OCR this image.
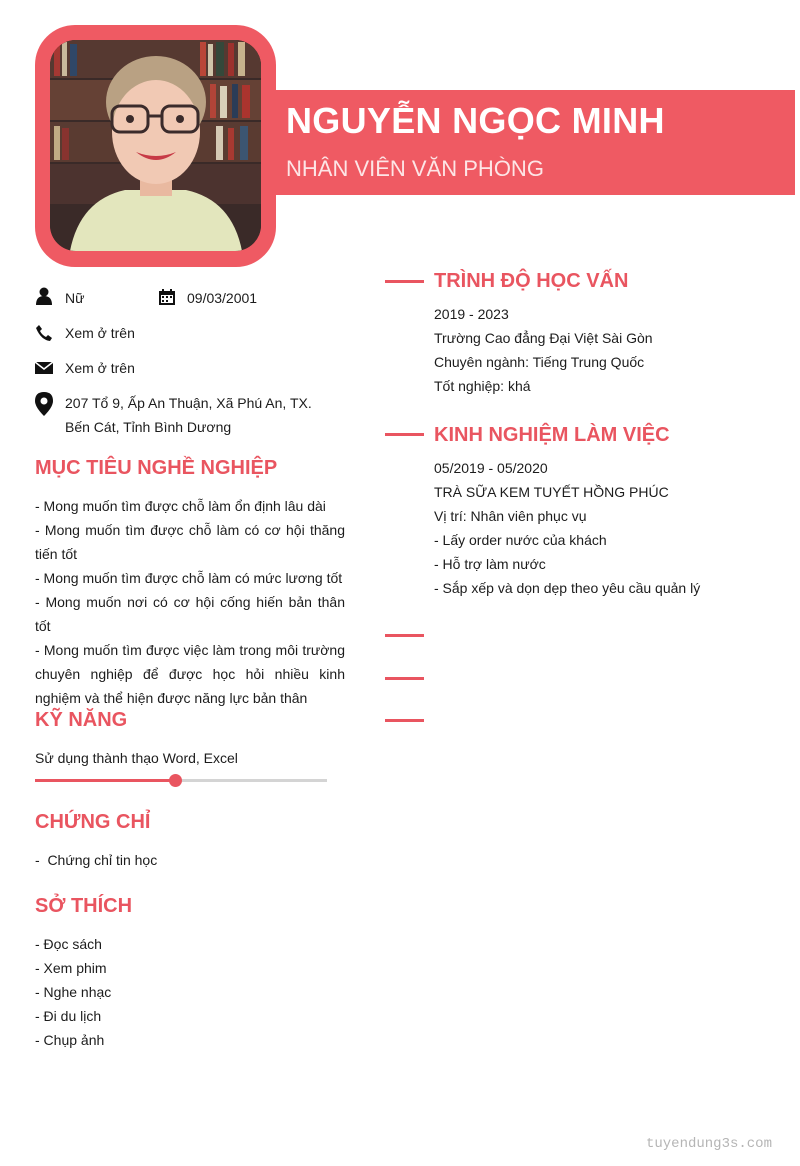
NGUYỄN NGỌC MINH
NHÂN VIÊN VĂN PHÒNG
Nữ	09/03/2001
Xem ở trên
Xem ở trên
207 Tổ 9, Ấp An Thuận, Xã Phú An, TX.
Bến Cát, Tỉnh Bình Dương
MỤC TIÊU NGHỀ NGHIỆP
- Mong muốn tìm được chỗ làm ổn định lâu dài
- Mong muốn tìm được chỗ làm có cơ hội thăng tiến tốt
- Mong muốn tìm được chỗ làm có mức lương tốt
- Mong muốn nơi có cơ hội cống hiến bản thân tốt
- Mong muốn tìm được việc làm trong môi trường chuyên nghiệp để được học hỏi nhiều kinh nghiệm và thể hiện được năng lực bản thân
KỸ NĂNG
Sử dụng thành thạo Word, Excel
CHỨNG CHỈ
-  Chứng chỉ tin học
SỞ THÍCH
- Đọc sách
- Xem phim
- Nghe nhạc
- Đi du lịch
- Chụp ảnh
TRÌNH ĐỘ HỌC VẤN
2019 - 2023
Trường Cao đẳng Đại Việt Sài Gòn
Chuyên ngành: Tiếng Trung Quốc
Tốt nghiệp: khá
KINH NGHIỆM LÀM VIỆC
05/2019 - 05/2020
TRÀ SỮA KEM TUYẾT HỒNG PHÚC
Vị trí: Nhân viên phục vụ
- Lấy order nước của khách
- Hỗ trợ làm nước
- Sắp xếp và dọn dẹp theo yêu cầu quản lý
tuyendung3s.com
